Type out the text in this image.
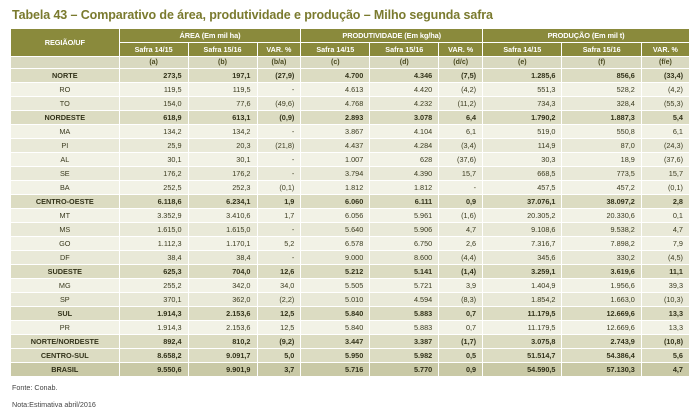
Tabela 43 – Comparativo de área, produtividade e produção – Milho segunda safra
REGIÃO/UF	ÁREA (Em mil ha)			PRODUTIVIDADE (Em kg/ha)			PRODUÇÃO (Em mil t)		
	Safra 14/15	Safra 15/16	VAR. %	Safra 14/15	Safra 15/16	VAR. %	Safra 14/15	Safra 15/16	VAR. %
	(a)	(b)	(b/a)	(c)	(d)	(d/c)	(e)	(f)	(f/e)
NORTE	273,5	197,1	(27,9)	4.700	4.346	(7,5)	1.285,6	856,6	(33,4)
RO	119,5	119,5	-	4.613	4.420	(4,2)	551,3	528,2	(4,2)
TO	154,0	77,6	(49,6)	4.768	4.232	(11,2)	734,3	328,4	(55,3)
NORDESTE	618,9	613,1	(0,9)	2.893	3.078	6,4	1.790,2	1.887,3	5,4
MA	134,2	134,2	-	3.867	4.104	6,1	519,0	550,8	6,1
PI	25,9	20,3	(21,8)	4.437	4.284	(3,4)	114,9	87,0	(24,3)
AL	30,1	30,1	-	1.007	628	(37,6)	30,3	18,9	(37,6)
SE	176,2	176,2	-	3.794	4.390	15,7	668,5	773,5	15,7
BA	252,5	252,3	(0,1)	1.812	1.812	-	457,5	457,2	(0,1)
CENTRO-OESTE	6.118,6	6.234,1	1,9	6.060	6.111	0,9	37.076,1	38.097,2	2,8
MT	3.352,9	3.410,6	1,7	6.056	5.961	(1,6)	20.305,2	20.330,6	0,1
MS	1.615,0	1.615,0	-	5.640	5.906	4,7	9.108,6	9.538,2	4,7
GO	1.112,3	1.170,1	5,2	6.578	6.750	2,6	7.316,7	7.898,2	7,9
DF	38,4	38,4	-	9.000	8.600	(4,4)	345,6	330,2	(4,5)
SUDESTE	625,3	704,0	12,6	5.212	5.141	(1,4)	3.259,1	3.619,6	11,1
MG	255,2	342,0	34,0	5.505	5.721	3,9	1.404,9	1.956,6	39,3
SP	370,1	362,0	(2,2)	5.010	4.594	(8,3)	1.854,2	1.663,0	(10,3)
SUL	1.914,3	2.153,6	12,5	5.840	5.883	0,7	11.179,5	12.669,6	13,3
PR	1.914,3	2.153,6	12,5	5.840	5.883	0,7	11.179,5	12.669,6	13,3
NORTE/NORDESTE	892,4	810,2	(9,2)	3.447	3.387	(1,7)	3.075,8	2.743,9	(10,8)
CENTRO-SUL	8.658,2	9.091,7	5,0	5.950	5.982	0,5	51.514,7	54.386,4	5,6
BRASIL	9.550,6	9.901,9	3,7	5.716	5.770	0,9	54.590,5	57.130,3	4,7
Fonte: Conab.
Nota:Estimativa abril/2016
